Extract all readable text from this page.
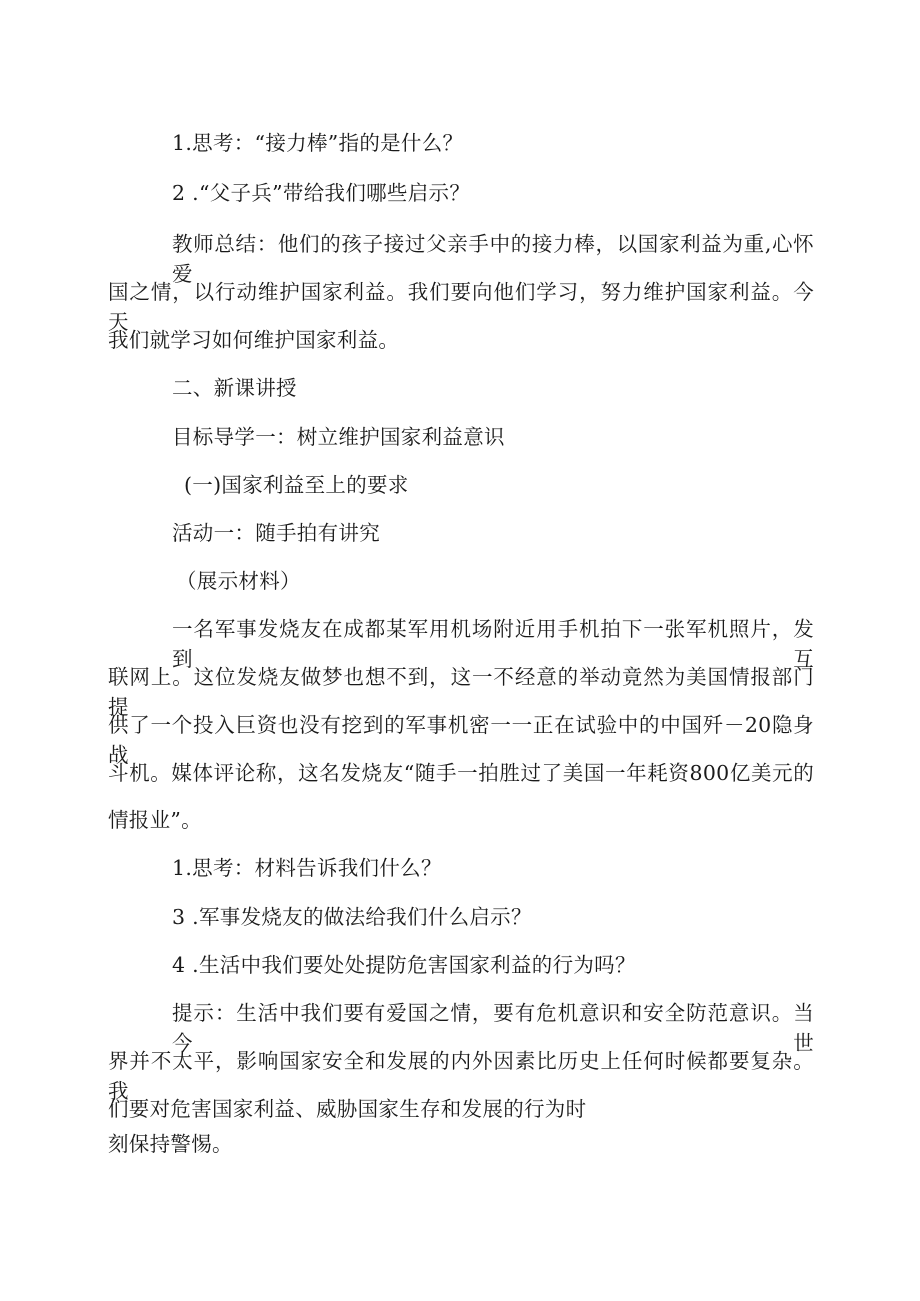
1.思考：“接力棒”指的是什么？
2 .“父子兵”带给我们哪些启示？
教师总结：他们的孩子接过父亲手中的接力棒，以国家利益为重,心怀爱
国之情，以行动维护国家利益。我们要向他们学习，努力维护国家利益。今天
我们就学习如何维护国家利益。
二、新课讲授
目标导学一：树立维护国家利益意识
(一)国家利益至上的要求
活动一：随手拍有讲究
（展示材料）
一名军事发烧友在成都某军用机场附近用手机拍下一张军机照片，发到互
联网上。这位发烧友做梦也想不到，这一不经意的举动竟然为美国情报部门提
供了一个投入巨资也没有挖到的军事机密一一正在试验中的中国歼－20隐身战
斗机。媒体评论称，这名发烧友“随手一拍胜过了美国一年耗资800亿美元的
情报业”。
1.思考：材料告诉我们什么？
3 .军事发烧友的做法给我们什么启示？
4 .生活中我们要处处提防危害国家利益的行为吗？
提示：生活中我们要有爱国之情，要有危机意识和安全防范意识。当今世
界并不太平，影响国家安全和发展的内外因素比历史上任何时候都要复杂。我
们要对危害国家利益、威胁国家生存和发展的行为时
刻保持警惕。
